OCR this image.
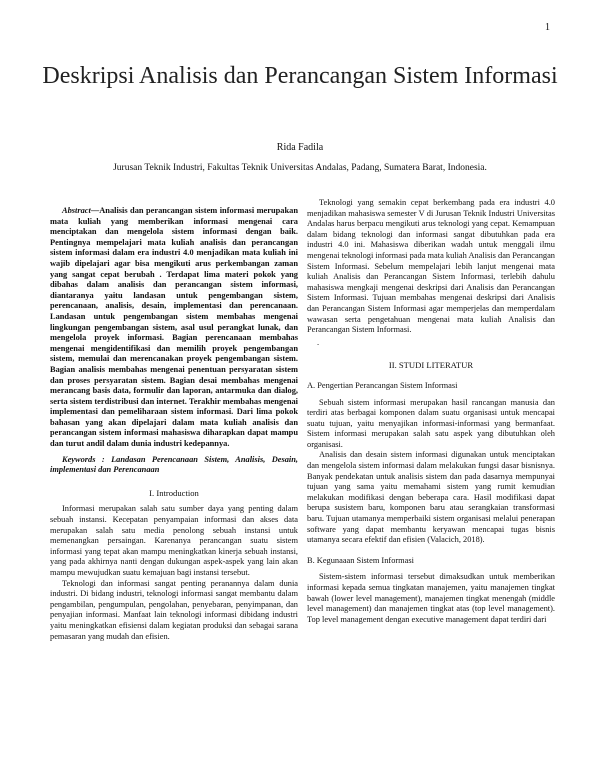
1
Deskripsi Analisis dan Perancangan Sistem Informasi
Rida Fadila
Jurusan Teknik Industri, Fakultas Teknik Universitas Andalas, Padang, Sumatera Barat, Indonesia.

Abstract—Analisis dan perancangan sistem informasi merupakan mata kuliah yang memberikan informasi mengenai cara menciptakan dan mengelola sistem informasi dengan baik. Pentingnya mempelajari mata kuliah analisis dan perancangan sistem informasi dalam era industri 4.0 menjadikan mata kuliah ini wajib dipelajari agar bisa mengikuti arus perkembangan zaman yang sangat cepat berubah . Terdapat lima materi pokok yang dibahas dalam analisis dan perancangan sistem informasi, diantaranya yaitu landasan untuk pengembangan sistem, perencanaan, analisis, desain, implementasi dan perencanaan. Landasan untuk pengembangan sistem membahas mengenai lingkungan pengembangan sistem, asal usul perangkat lunak, dan mengelola proyek informasi. Bagian perencanaan membahas mengenai mengidentifikasi dan memilih proyek pengembangan sistem, memulai dan merencanakan proyek pengembangan sistem. Bagian analisis membahas mengenai penentuan persyaratan sistem dan proses persyaratan sistem. Bagian desai membahas mengenai merancang basis data, formulir dan laporan, antarmuka dan dialog, serta sistem terdistribusi dan internet. Terakhir membahas mengenai implementasi dan pemeliharaan sistem informasi. Dari lima pokok bahasan yang akan dipelajari dalam mata kuliah analisis dan perancangan sistem informasi mahasiswa diharapkan dapat mampu dan turut andil dalam dunia industri kedepannya.

Keywords : Landasan Perencanaan Sistem, Analisis, Desain, implementasi dan Perencanaan

I. Introduction

Informasi merupakan salah satu sumber daya yang penting dalam sebuah instansi. Kecepatan penyampaian informasi dan akses data merupakan salah satu media penolong sebuah instansi untuk memenangkan persaingan. Karenanya perancangan suatu sistem informasi yang tepat akan mampu meningkatkan kinerja sebuah instansi, yang pada akhirnya nanti dengan dukungan aspek-aspek yang lain akan mampu mewujudkan suatu kemajuan bagi instansi tersebut.

Teknologi dan informasi sangat penting peranannya dalam dunia industri. Di bidang industri, teknologi informasi sangat membantu dalam pengambilan, pengumpulan, pengolahan, penyebaran, penyimpanan, dan penyajian informasi. Manfaat lain teknologi informasi dibidang industri yaitu meningkatkan efisiensi dalam kegiatan produksi dan sebagai sarana pemasaran yang mudah dan efisien.

Teknologi yang semakin cepat berkembang pada era industri 4.0 menjadikan mahasiswa semester V di Jurusan Teknik Industri Universitas Andalas harus berpacu mengikuti arus teknologi yang cepat. Kemampuan dalam bidang teknologi dan informasi sangat dibutuhkan pada era industri 4.0 ini. Mahasiswa diberikan wadah untuk menggali ilmu mengenai teknologi informasi pada mata kuliah Analisis dan Perancangan Sistem Informasi. Sebelum mempelajari lebih lanjut mengenai mata kuliah Analisis dan Perancangan Sistem Informasi, terlebih dahulu mahasiswa mengkaji mengenai deskripsi dari Analisis dan Perancangan Sistem Informasi. Tujuan membahas mengenai deskripsi dari Analisis dan Perancangan Sistem Informasi agar memperjelas dan memperdalam wawasan serta pengetahuan mengenai mata kuliah Analisis dan Perancangan Sistem Informasi.

.
II. STUDI LITERATUR
A. Pengertian Perancangan Sistem Informasi

Sebuah sistem informasi merupakan hasil rancangan manusia dan terdiri atas berbagai komponen dalam suatu organisasi untuk mencapai suatu tujuan, yaitu menyajikan informasi-informasi yang bermanfaat. Sistem informasi merupakan salah satu aspek yang dibutuhkan oleh organisasi.

Analisis dan desain sistem informasi digunakan untuk menciptakan dan mengelola sistem informasi dalam melakukan fungsi dasar bisnisnya. Banyak pendekatan untuk analisis sistem dan pada dasarnya mempunyai tujuan yang sama yaitu memahami sistem yang rumit kemudian melakukan modifikasi dengan beberapa cara. Hasil modifikasi dapat berupa susistem baru, komponen baru atau serangkaian transformasi baru. Tujuan utamanya memperbaiki sistem organisasi melalui penerapan software yang dapat membantu keryawan mencapai tugas bisnis utamanya secara efektif dan efisien (Valacich, 2018).

B. Kegunaaan Sistem Informasi

Sistem-sistem informasi tersebut dimaksudkan untuk memberikan informasi kepada semua tingkatan manajemen, yaitu manajemen tingkat bawah (lower level management), manajemen tingkat menengah (middle level management) dan manajemen tingkat atas (top level management). Top level management dengan executive management dapat terdiri dari
